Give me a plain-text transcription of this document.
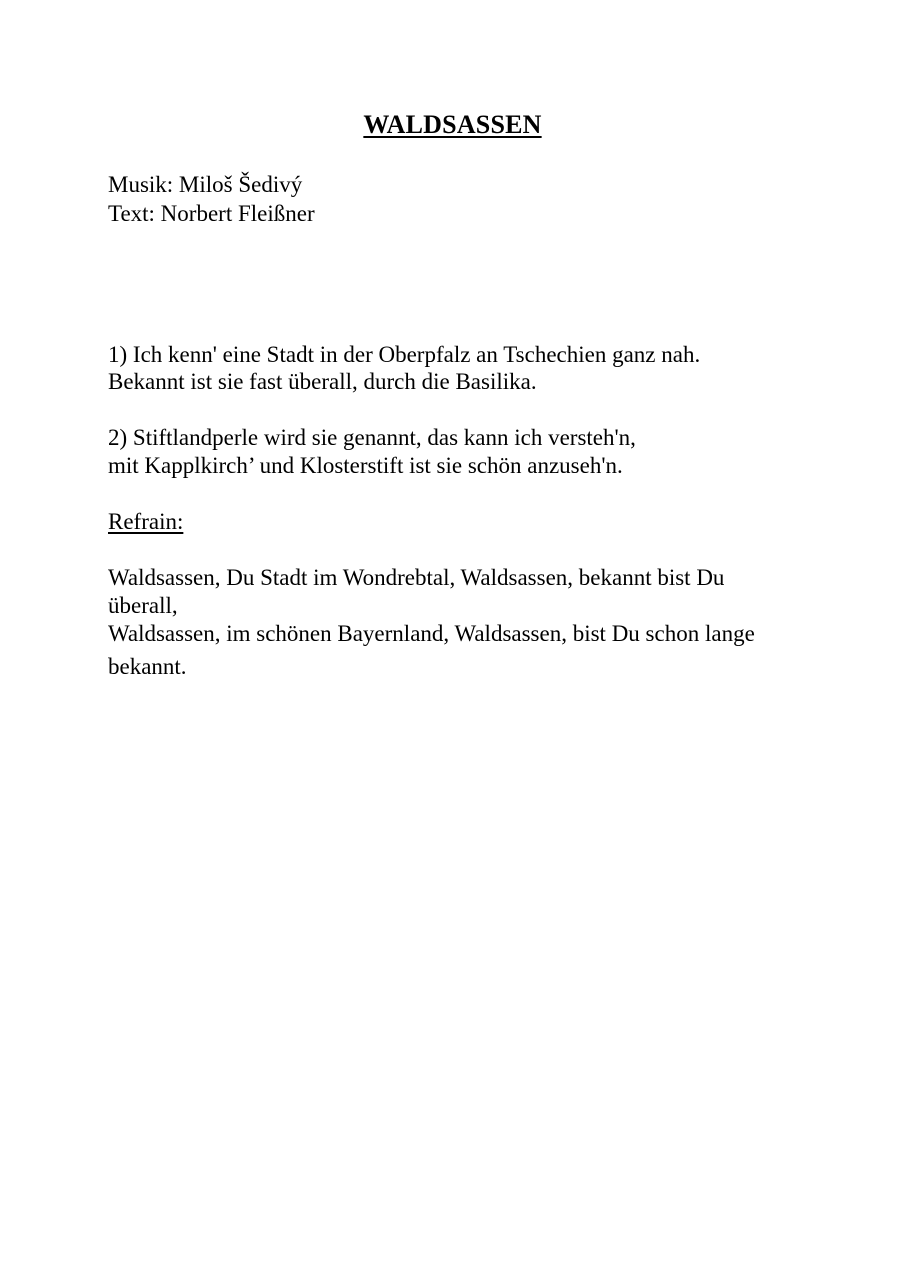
WALDSASSEN
Musik: Miloš Šedivý
Text: Norbert Fleißner
1) Ich kenn' eine Stadt in der Oberpfalz an Tschechien ganz nah.
Bekannt ist sie fast überall, durch die Basilika.
2) Stiftlandperle wird sie genannt, das kann ich versteh'n,
mit Kapplkirch’ und Klosterstift ist sie schön anzuseh'n.
Refrain:
Waldsassen, Du Stadt im Wondrebtal, Waldsassen, bekannt bist Du
überall,
Waldsassen, im schönen Bayernland, Waldsassen, bist Du schon lange
bekannt.
